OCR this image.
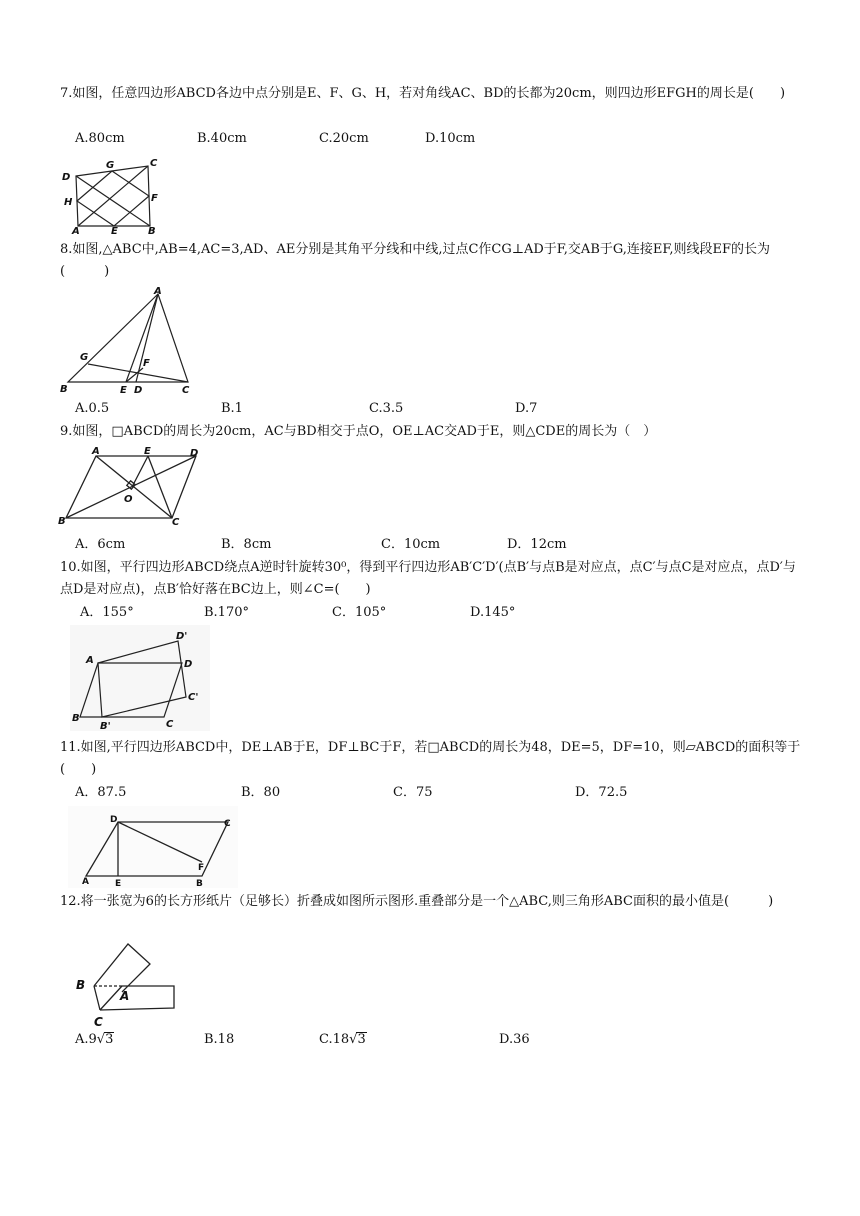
7.如图，任意四边形ABCD各边中点分别是E、F、G、H，若对角线AC、BD的长都为20cm，则四边形EFGH的周长是(　　)
A.80cm	B.40cm	C.20cm	D.10cm
D
G	C
H	F
A	E	B
8.如图,△ABC中,AB=4,AC=3,AD、AE分别是其角平分线和中线,过点C作CG⊥AD于F,交AB于G,连接EF,则线段EF的长为(　　　)
A
G
F
B	E D	C
A.0.5	B.1	C.3.5	D.7
9.如图，□ABCD的周长为20cm，AC与BD相交于点O，OE⊥AC交AD于E，则△CDE的周长为（　）
A	E	D
O
B	C
A．6cm	B．8cm	C．10cm	D．12cm
10.如图，平行四边形ABCD绕点A逆时针旋转30⁰，得到平行四边形AB′C′D′(点B′与点B是对应点，点C′与点C是对应点，点D′与点D是对应点)，点B′恰好落在BC边上，则∠C=(　　)
A．155°	B.170°	C．105°	D.145°
D'
A	D
C'
B
B'	C
11.如图,平行四边形ABCD中，DE⊥AB于E，DF⊥BC于F，若□ABCD的周长为48，DE=5，DF=10，则▱ABCD的面积等于(　　)
A．87.5	B．80	C．75	D．72.5
D	C
F
A	E	B
12.将一张宽为6的长方形纸片（足够长）折叠成如图所示图形.重叠部分是一个△ABC,则三角形ABC面积的最小值是(　　　)
B
A
C
A.9√3	B.18	C.18√3	D.36
